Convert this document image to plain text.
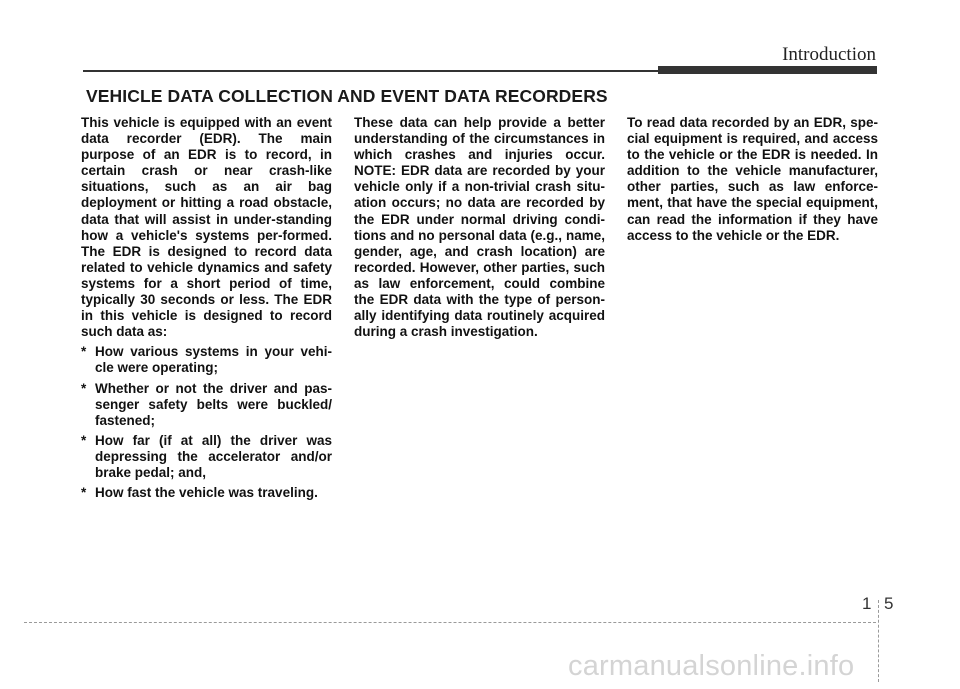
Introduction
VEHICLE DATA COLLECTION AND EVENT DATA RECORDERS

This vehicle is equipped with an event data recorder (EDR). The main purpose of an EDR is to record, in certain crash or near crash-like situations, such as an air bag deployment or hitting a road obstacle, data that will assist in under-standing how a vehicle's systems per-formed. The EDR is designed to record data related to vehicle dynamics and safety systems for a short period of time, typically 30 seconds or less. The EDR in this vehicle is designed to record such data as:

* How various systems in your vehi-cle were operating;
* Whether or not the driver and pas-senger safety belts were buckled/ fastened;
* How far (if at all) the driver was depressing the accelerator and/or brake pedal; and,
* How fast the vehicle was traveling.

These data can help provide a better understanding of the circumstances in which crashes and injuries occur. NOTE: EDR data are recorded by your vehicle only if a non-trivial crash situ-ation occurs; no data are recorded by the EDR under normal driving condi-tions and no personal data (e.g., name, gender, age, and crash location) are recorded. However, other parties, such as law enforcement, could combine the EDR data with the type of person-ally identifying data routinely acquired during a crash investigation.

To read data recorded by an EDR, spe-cial equipment is required, and access to the vehicle or the EDR is needed. In addition to the vehicle manufacturer, other parties, such as law enforce-ment, that have the special equipment, can read the information if they have access to the vehicle or the EDR.

1 5
carmanualsonline.info
